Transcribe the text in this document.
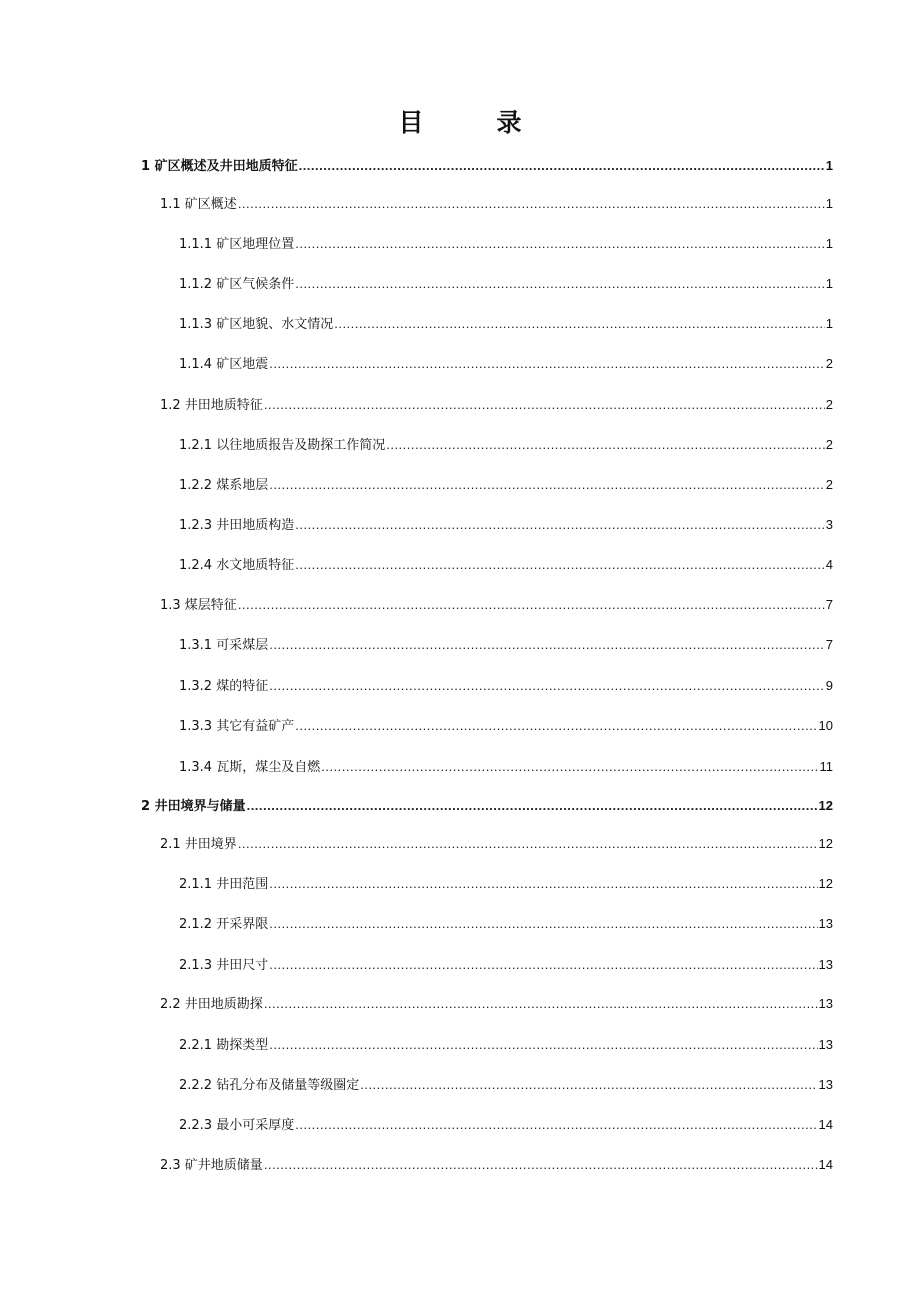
目　录
1 矿区概述及井田地质特征 .....	1
1.1 矿区概述 .....	1
1.1.1 矿区地理位置 .....	1
1.1.2 矿区气候条件 .....	1
1.1.3 矿区地貌、水文情况 .....	1
1.1.4 矿区地震 .....	2
1.2 井田地质特征 .....	2
1.2.1 以往地质报告及勘探工作简况 .....	2
1.2.2 煤系地层 .....	2
1.2.3 井田地质构造 .....	3
1.2.4 水文地质特征 .....	4
1.3 煤层特征 .....	7
1.3.1 可采煤层 .....	7
1.3.2 煤的特征 .....	9
1.3.3 其它有益矿产 .....	10
1.3.4 瓦斯，煤尘及自燃 .....	11
2 井田境界与储量 .....	12
2.1 井田境界 .....	12
2.1.1 井田范围 .....	12
2.1.2 开采界限 .....	13
2.1.3 井田尺寸 .....	13
2.2 井田地质勘探 .....	13
2.2.1 勘探类型 .....	13
2.2.2 钻孔分布及储量等级圈定 .....	13
2.2.3 最小可采厚度 .....	14
2.3 矿井地质储量 .....	14
